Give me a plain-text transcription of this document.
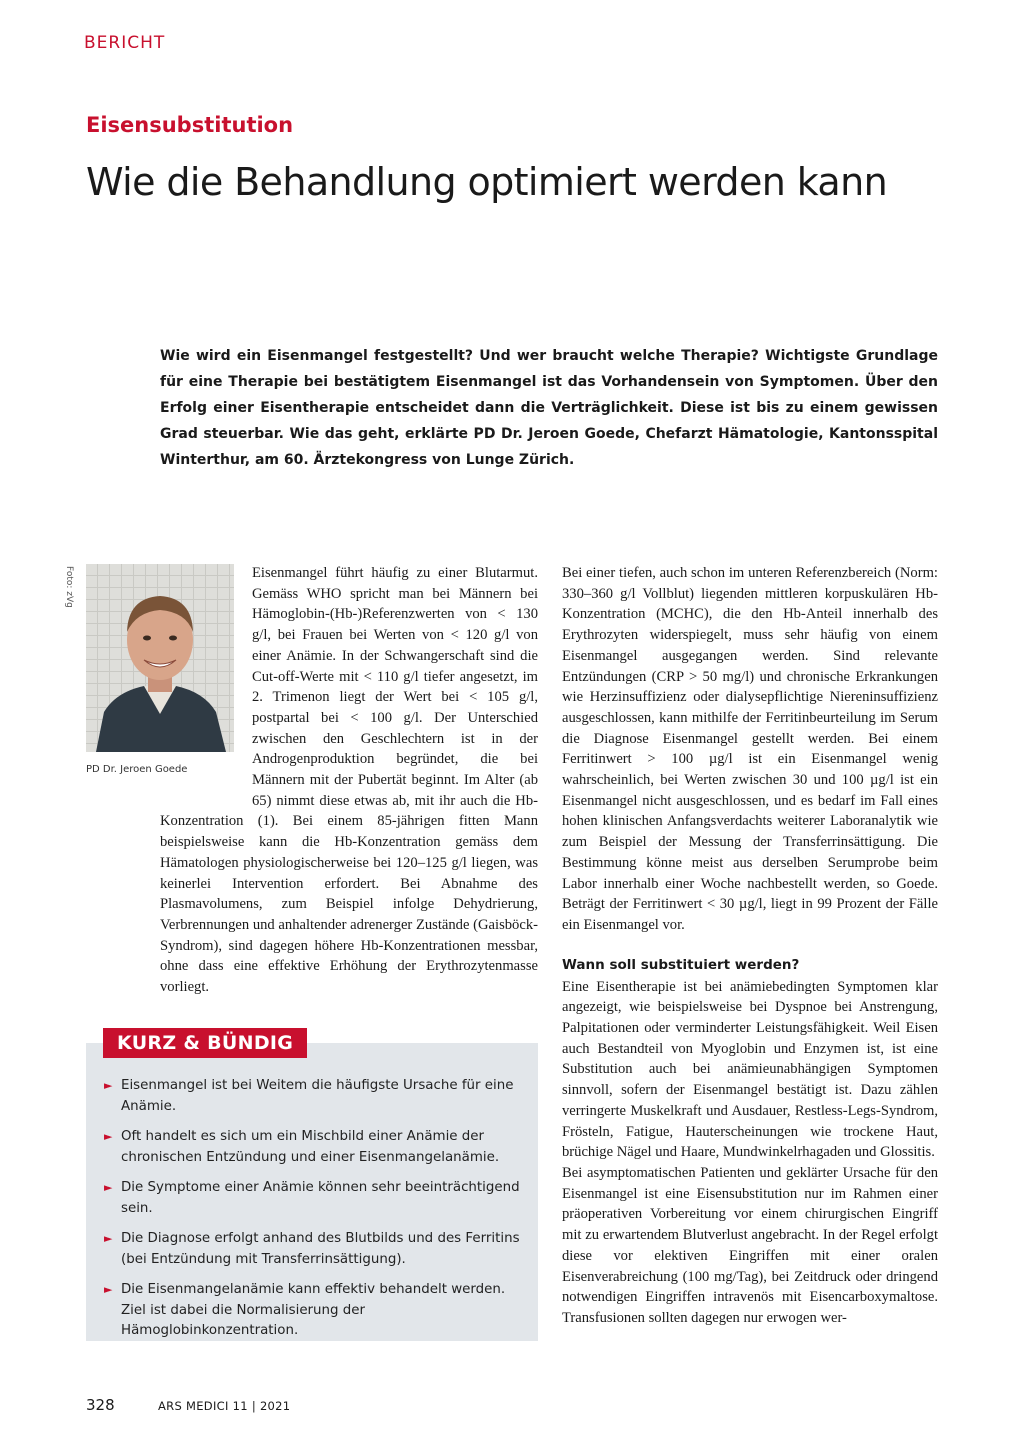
BERICHT
Eisensubstitution
Wie die Behandlung optimiert werden kann

Wie wird ein Eisenmangel festgestellt? Und wer braucht welche Therapie? Wichtigste Grundlage für eine Therapie bei bestätigtem Eisenmangel ist das Vorhandensein von Symptomen. Über den Erfolg einer Eisentherapie entscheidet dann die Verträglichkeit. Diese ist bis zu einem gewissen Grad steuerbar. Wie das geht, erklärte PD Dr. Jeroen Goede, Chefarzt Hämatologie, Kantonsspital Winterthur, am 60. Ärztekongress von Lunge Zürich.

Foto: zVg
PD Dr. Jeroen Goede

Eisenmangel führt häufig zu einer Blutarmut. Gemäss WHO spricht man bei Männern bei Hämoglobin-(Hb-)Referenzwerten von < 130 g/l, bei Frauen bei Werten von < 120 g/l von einer Anämie. In der Schwangerschaft sind die Cut-off-Werte mit < 110 g/l tiefer angesetzt, im 2. Trimenon liegt der Wert bei < 105 g/l, postpartal bei < 100 g/l. Der Unterschied zwischen den Geschlechtern ist in der Androgenproduktion begründet, die bei Männern mit der Pubertät beginnt. Im Alter (ab 65) nimmt diese etwas ab, mit ihr auch die Hb-Konzentration (1). Bei einem 85-jährigen fitten Mann beispielsweise kann die Hb-Konzentration gemäss dem Hämatologen physiologischerweise bei 120–125 g/l liegen, was keinerlei Intervention erfordert. Bei Abnahme des Plasmavolumens, zum Beispiel infolge Dehydrierung, Verbrennungen und anhaltender adrenerger Zustände (Gaisböck-Syndrom), sind dagegen höhere Hb-Konzentrationen messbar, ohne dass eine effektive Erhöhung der Erythrozytenmasse vorliegt.

Bei einer tiefen, auch schon im unteren Referenzbereich (Norm: 330–360 g/l Vollblut) liegenden mittleren korpuskulären Hb-Konzentration (MCHC), die den Hb-Anteil innerhalb des Erythrozyten widerspiegelt, muss sehr häufig von einem Eisenmangel ausgegangen werden. Sind relevante Entzündungen (CRP > 50 mg/l) und chronische Erkrankungen wie Herzinsuffizienz oder dialysepflichtige Niereninsuffizienz ausgeschlossen, kann mithilfe der Ferritinbeurteilung im Serum die Diagnose Eisenmangel gestellt werden. Bei einem Ferritinwert > 100 µg/l ist ein Eisenmangel wenig wahrscheinlich, bei Werten zwischen 30 und 100 µg/l ist ein Eisenmangel nicht ausgeschlossen, und es bedarf im Fall eines hohen klinischen Anfangsverdachts weiterer Laboranalytik wie zum Beispiel der Messung der Transferrinsättigung. Die Bestimmung könne meist aus derselben Serumprobe beim Labor innerhalb einer Woche nachbestellt werden, so Goede. Beträgt der Ferritinwert < 30 µg/l, liegt in 99 Prozent der Fälle ein Eisenmangel vor.

Wann soll substituiert werden?

Eine Eisentherapie ist bei anämiebedingten Symptomen klar angezeigt, wie beispielsweise bei Dyspnoe bei Anstrengung, Palpitationen oder verminderter Leistungsfähigkeit. Weil Eisen auch Bestandteil von Myoglobin und Enzymen ist, ist eine Substitution auch bei anämieunabhängigen Symptomen sinnvoll, sofern der Eisenmangel bestätigt ist. Dazu zählen verringerte Muskelkraft und Ausdauer, Restless-Legs-Syndrom, Frösteln, Fatigue, Hauterscheinungen wie trockene Haut, brüchige Nägel und Haare, Mundwinkelrhagaden und Glossitis.

Bei asymptomatischen Patienten und geklärter Ursache für den Eisenmangel ist eine Eisensubstitution nur im Rahmen einer präoperativen Vorbereitung vor einem chirurgischen Eingriff mit zu erwartendem Blutverlust angebracht. In der Regel erfolgt diese vor elektiven Eingriffen mit einer oralen Eisenverabreichung (100 mg/Tag), bei Zeitdruck oder dringend notwendigen Eingriffen intravenös mit Eisencarboxymaltose. Transfusionen sollten dagegen nur erwogen wer-

KURZ & BÜNDIG
► Eisenmangel ist bei Weitem die häufigste Ursache für eine Anämie.
► Oft handelt es sich um ein Mischbild einer Anämie der chronischen Entzündung und einer Eisenmangelanämie.
► Die Symptome einer Anämie können sehr beeinträchtigend sein.
► Die Diagnose erfolgt anhand des Blutbilds und des Ferritins (bei Entzündung mit Transferrinsättigung).
► Die Eisenmangelanämie kann effektiv behandelt werden. Ziel ist dabei die Normalisierung der Hämoglobinkonzentration.
328	ARS MEDICI 11 | 2021
